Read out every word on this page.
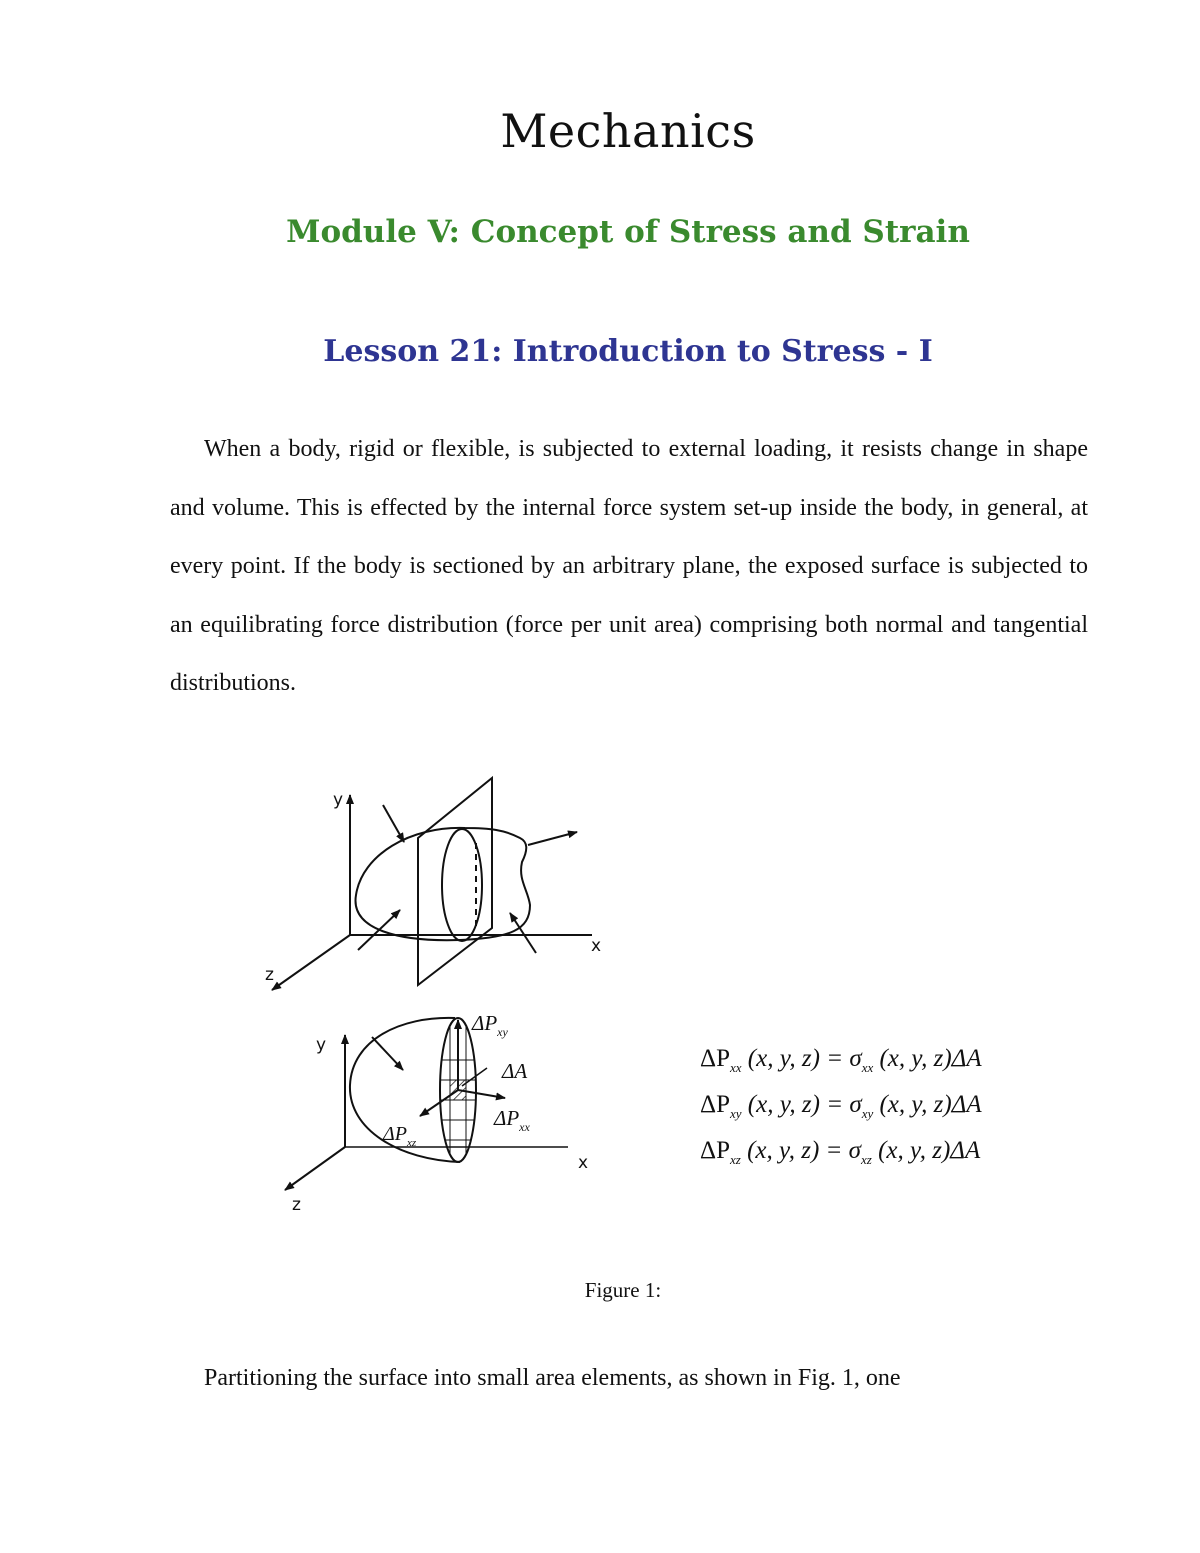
Mechanics
Module V: Concept of Stress and Strain
Lesson 21: Introduction to Stress - I

When a body, rigid or flexible, is subjected to external loading, it resists change in shape and volume. This is effected by the internal force system set-up inside the body, in general, at every point. If the body is sectioned by an arbitrary plane, the exposed surface is subjected to an equilibrating force distribution (force per unit area) comprising both normal and tangential distributions.

y
x
z
y
x
z
$\Delta P_{xy}$
ΔA
$\Delta P_{xx}$
$\Delta P_{xz}$
$\Delta P_{xx}$ (x, y, $z) = \sigma_{xx}$ (x, y, z)ΔA
$\Delta P_{xy}$ (x, y, $z) = \sigma_{xy}$ (x, y, z)ΔA
$\Delta P_{xz}$ (x, y, $z) = \sigma_{xz}$ (x, y, z)ΔA
Figure 1:

Partitioning the surface into small area elements, as shown in Fig. 1, one
